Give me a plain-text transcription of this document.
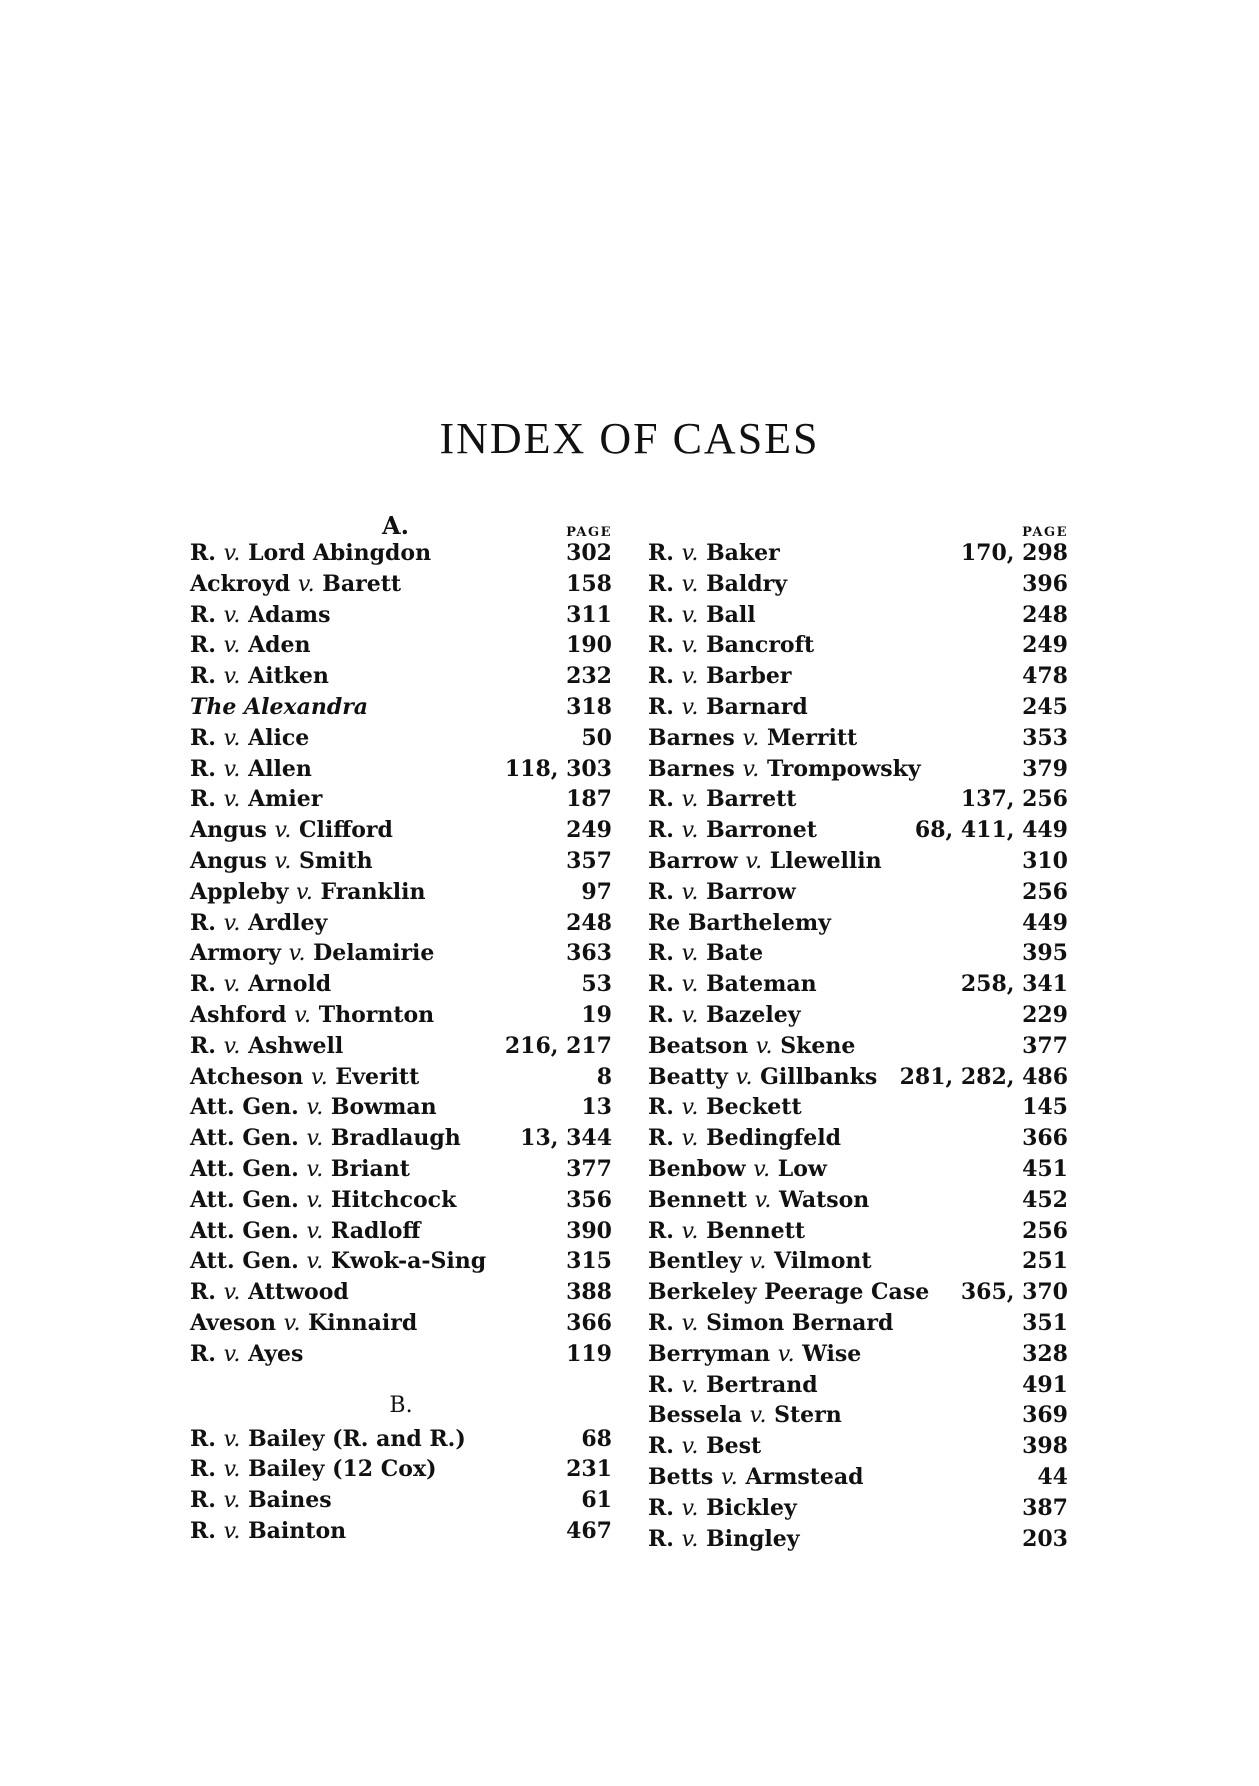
INDEX OF CASES
A.	PAGE
R. v. Lord Abingdon	302
Ackroyd v. Barett	158
R. v. Adams	311
R. v. Aden	190
R. v. Aitken	232
The Alexandra	318
R. v. Alice	50
R. v. Allen	118, 303
R. v. Amier	187
Angus v. Clifford	249
Angus v. Smith	357
Appleby v. Franklin	97
R. v. Ardley	248
Armory v. Delamirie	363
R. v. Arnold	53
Ashford v. Thornton	19
R. v. Ashwell	216, 217
Atcheson v. Everitt	8
Att. Gen. v. Bowman	13
Att. Gen. v. Bradlaugh	13, 344
Att. Gen. v. Briant	377
Att. Gen. v. Hitchcock	356
Att. Gen. v. Radloff	390
Att. Gen. v. Kwok-a-Sing	315
R. v. Attwood	388
Aveson v. Kinnaird	366
R. v. Ayes	119
B.
R. v. Bailey (R. and R.)	68
R. v. Bailey (12 Cox)	231
R. v. Baines	61
R. v. Bainton	467
PAGE
R. v. Baker	170, 298
R. v. Baldry	396
R. v. Ball	248
R. v. Bancroft	249
R. v. Barber	478
R. v. Barnard	245
Barnes v. Merritt	353
Barnes v. Trompowsky	379
R. v. Barrett	137, 256
R. v. Barronet	68, 411, 449
Barrow v. Llewellin	310
R. v. Barrow	256
Re Barthelemy	449
R. v. Bate	395
R. v. Bateman	258, 341
R. v. Bazeley	229
Beatson v. Skene	377
Beatty v. Gillbanks 281, 282, 486
R. v. Beckett	145
R. v. Bedingfeld	366
Benbow v. Low	451
Bennett v. Watson	452
R. v. Bennett	256
Bentley v. Vilmont	251
Berkeley Peerage Case 365, 370
R. v. Simon Bernard	351
Berryman v. Wise	328
R. v. Bertrand	491
Bessela v. Stern	369
R. v. Best	398
Betts v. Armstead	44
R. v. Bickley	387
R. v. Bingley	203
